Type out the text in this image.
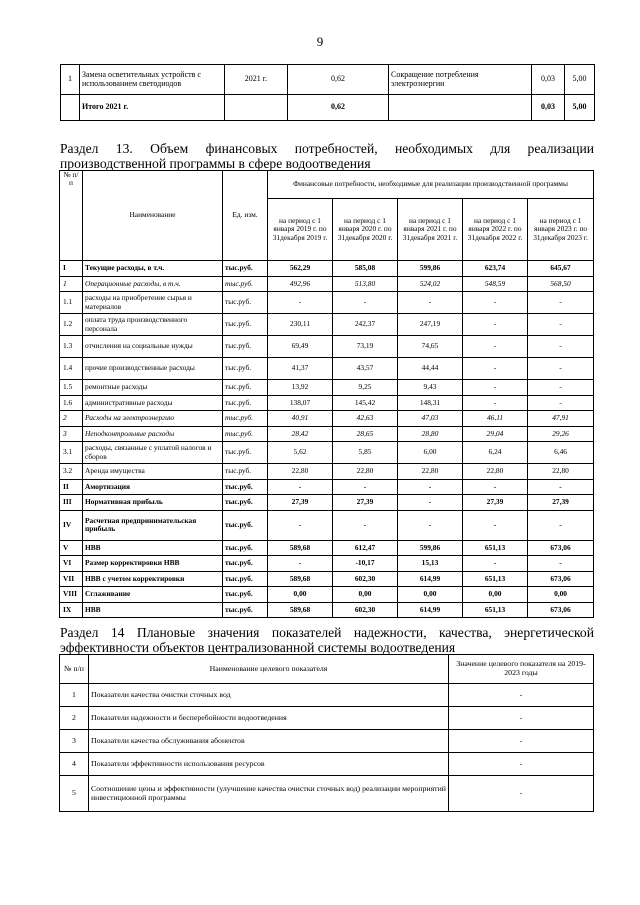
9
1	Замена осветительных устройств с использованием светодиодов	2021 г.	0,62	Сокращение потребления электроэнергии	0,03	5,00
	Итого 2021 г.		0,62		0,03	5,00
Раздел 13. Объем финансовых потребностей, необходимых для реализации
производственной программы в сфере водоотведения
№ п/п	Наименование	Ед. изм.	Финансовые потребности, необходимые для реализации производственной программы				
			на период с 1 января 2019 г. по 31декабря 2019 г.	на период с 1 января 2020 г. по 31декабря 2020 г.	на период с 1 января 2021 г. по 31декабря 2021 г.	на период с 1 января 2022 г. по 31декабря 2022 г.	на период с 1 января 2023 г. по 31декабря 2023 г.
I	Текущие расходы, в т.ч.	тыс.руб.	562,29	585,08	599,86	623,74	645,67
1	Операционные расходы, в т.ч.	тыс.руб.	492,96	513,80	524,02	548,59	568,50
1.1	расходы на приобретение сырья и материалов	тыс.руб.	-	-	-	-	-
1.2	оплата труда производственного персонала	тыс.руб.	230,11	242,37	247,19	-	-
1.3	отчисления на социальные нужды	тыс.руб.	69,49	73,19	74,65	-	-
1.4	прочие производственные расходы	тыс.руб.	41,37	43,57	44,44	-	-
1.5	ремонтные расходы	тыс.руб.	13,92	9,25	9,43	-	-
1.6	административные расходы	тыс.руб.	138,07	145,42	148,31	-	-
2	Расходы на электроэнергию	тыс.руб.	40,91	42,63	47,03	46,11	47,91
3	Неподконтрольные расходы	тыс.руб.	28,42	28,65	28,80	29,04	29,26
3.1	расходы, связанные с уплатой налогов и сборов	тыс.руб.	5,62	5,85	6,00	6,24	6,46
3.2	Аренда имущества	тыс.руб.	22,80	22,80	22,80	22,80	22,80
II	Амортизация	тыс.руб.	-	-	-	-	-
III	Нормативная прибыль	тыс.руб.	27,39	27,39	-	27,39	27,39
IV	Расчетная предпринимательская прибыль	тыс.руб.	-	-	-	-	-
V	НВВ	тыс.руб.	589,68	612,47	599,86	651,13	673,06
VI	Размер корректировки НВВ	тыс.руб.	-	-10,17	15,13	-	-
VII	НВВ с учетом корректировки	тыс.руб.	589,68	602,30	614,99	651,13	673,06
VIII	Сглаживание	тыс.руб.	0,00	0,00	0,00	0,00	0,00
IX	НВВ	тыс.руб.	589,68	602,30	614,99	651,13	673,06
Раздел 14 Плановые значения показателей надежности, качества, энергетической
эффективности объектов централизованной системы водоотведения
№ п/п	Наименование целевого показателя	Значение целевого показателя на 2019-2023 годы
1	Показатели качества очистки сточных вод	-
2	Показатели надежности и бесперебойности водоотведения	-
3	Показатели качества обслуживания абонентов	-
4	Показатели эффективности использования ресурсов	-
5	Соотношение цены и эффективности (улучшение качества очистки сточных вод) реализации мероприятий инвестиционной программы	-
